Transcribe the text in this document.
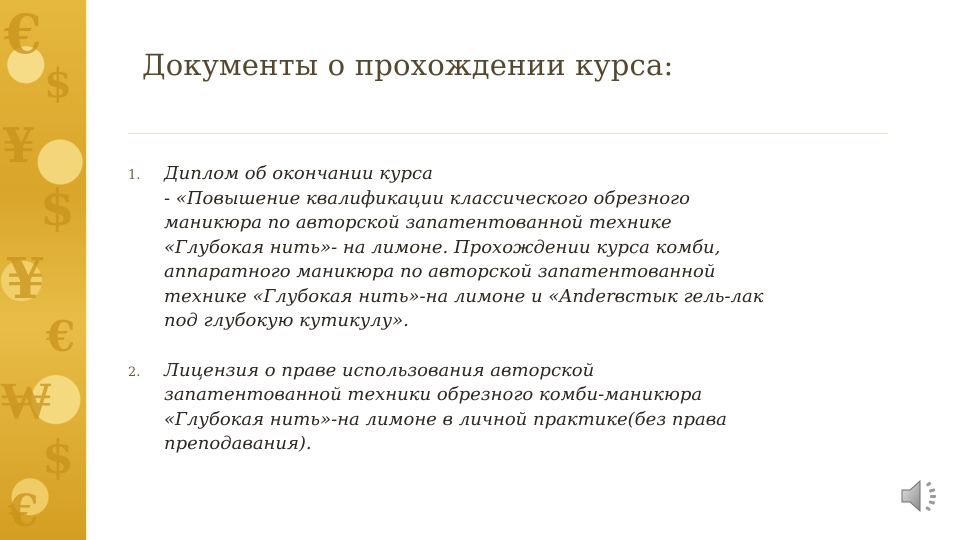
€
$
¥
$
¥
€
₩
$
€
Документы о прохождении курса:
1. Диплом об окончании курса
- «Повышение квалификации классического обрезного
маникюра по авторской запатентованной технике
«Глубокая нить»- на лимоне. Прохождении курса комби,
аппаратного маникюра по авторской запатентованной
технике «Глубокая нить»-на лимоне и «Andеrвстык гель-лак
под глубокую кутикулу».
2. Лицензия о праве использования авторской
запатентованной техники обрезного комби-маникюра
«Глубокая нить»-на лимоне в личной практике(без права
преподавания).
